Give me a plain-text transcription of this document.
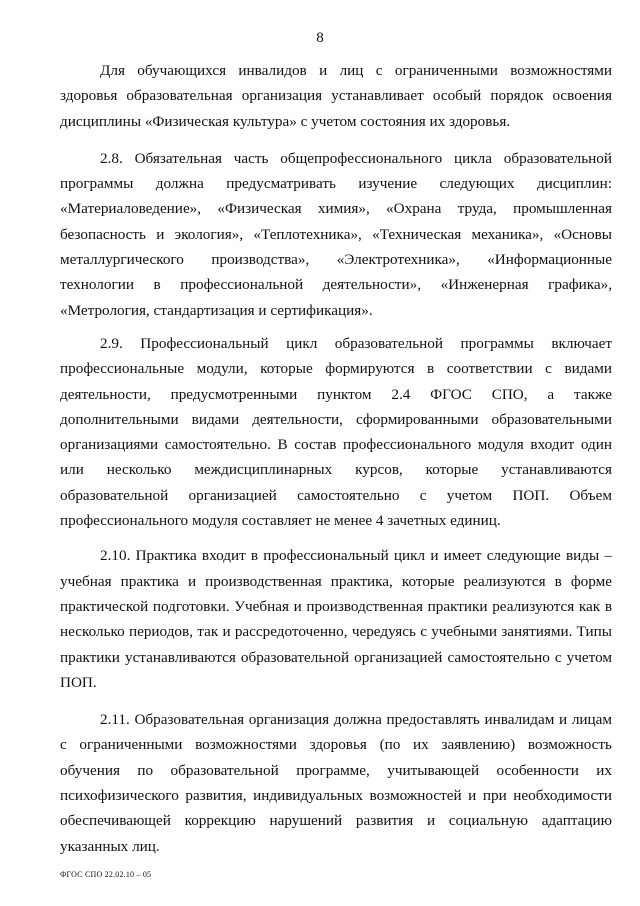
8

Для обучающихся инвалидов и лиц с ограниченными возможностями здоровья образовательная организация устанавливает особый порядок освоения дисциплины «Физическая культура» с учетом состояния их здоровья.

2.8. Обязательная часть общепрофессионального цикла образовательной программы должна предусматривать изучение следующих дисциплин: «Материаловедение», «Физическая химия», «Охрана труда, промышленная безопасность и экология», «Теплотехника», «Техническая механика», «Основы металлургического производства», «Электротехника», «Информационные технологии в профессиональной деятельности», «Инженерная графика», «Метрология, стандартизация и сертификация».

2.9. Профессиональный цикл образовательной программы включает профессиональные модули, которые формируются в соответствии с видами деятельности, предусмотренными пунктом 2.4 ФГОС СПО, а также дополнительными видами деятельности, сформированными образовательными организациями самостоятельно. В состав профессионального модуля входит один или несколько междисциплинарных курсов, которые устанавливаются образовательной организацией самостоятельно с учетом ПОП. Объем профессионального модуля составляет не менее 4 зачетных единиц.

2.10. Практика входит в профессиональный цикл и имеет следующие виды – учебная практика и производственная практика, которые реализуются в форме практической подготовки. Учебная и производственная практики реализуются как в несколько периодов, так и рассредоточенно, чередуясь с учебными занятиями. Типы практики устанавливаются образовательной организацией самостоятельно с учетом ПОП.

2.11. Образовательная организация должна предоставлять инвалидам и лицам с ограниченными возможностями здоровья (по их заявлению) возможность обучения по образовательной программе, учитывающей особенности их психофизического развития, индивидуальных возможностей и при необходимости обеспечивающей коррекцию нарушений развития и социальную адаптацию указанных лиц.

ФГОС СПО 22.02.10 – 05
